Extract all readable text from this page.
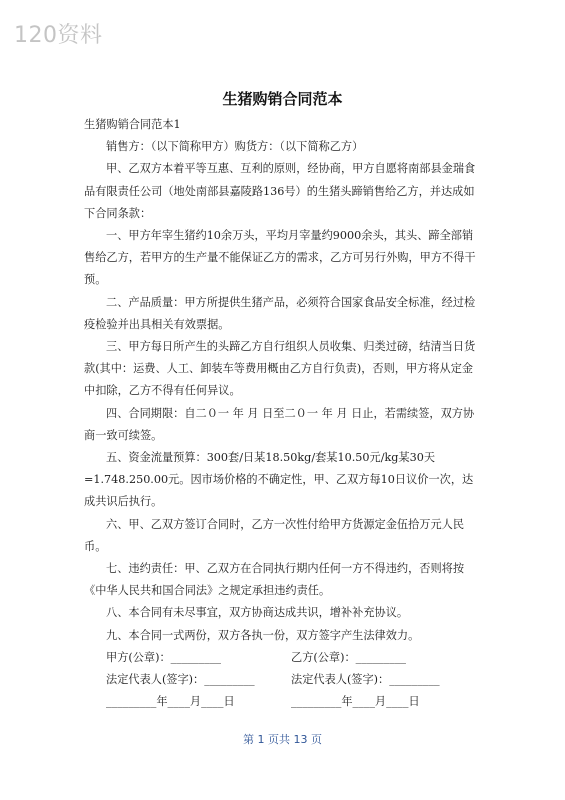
120资料
生猪购销合同范本

生猪购销合同范本1

销售方：（以下简称甲方）购货方：（以下简称乙方）

甲、乙双方本着平等互惠、互利的原则，经协商，甲方自愿将南部县金瑞食品有限责任公司（地处南部县嘉陵路136号）的生猪头蹄销售给乙方，并达成如下合同条款：

一、甲方年宰生猪约10余万头，平均月宰量约9000余头，其头、蹄全部销售给乙方，若甲方的生产量不能保证乙方的需求，乙方可另行外购，甲方不得干预。

二、产品质量：甲方所提供生猪产品，必须符合国家食品安全标准，经过检疫检验并出具相关有效票据。

三、甲方每日所产生的头蹄乙方自行组织人员收集、归类过磅，结清当日货款(其中：运费、人工、卸装车等费用概由乙方自行负责)，否则，甲方将从定金中扣除，乙方不得有任何异议。

四、合同期限：自二０一 年 月 日至二０一 年 月 日止，若需续签，双方协商一致可续签。

五、资金流量预算：300套/日某18.50kg/套某10.50元/kg某30天=1.748.250.00元。因市场价格的不确定性，甲、乙双方每10日议价一次，达成共识后执行。

六、甲、乙双方签订合同时，乙方一次性付给甲方货源定金伍拾万元人民币。

七、违约责任：甲、乙双方在合同执行期内任何一方不得违约，否则将按《中华人民共和国合同法》之规定承担违约责任。

八、本合同有未尽事宜，双方协商达成共识，增补补充协议。

九、本合同一式两份，双方各执一份，双方签字产生法律效力。

甲方(公章)：_________	乙方(公章)：_________
法定代表人(签字)：_________	法定代表人(签字)：_________
_________年____月____日	_________年____月____日
第 1 页共 13 页
